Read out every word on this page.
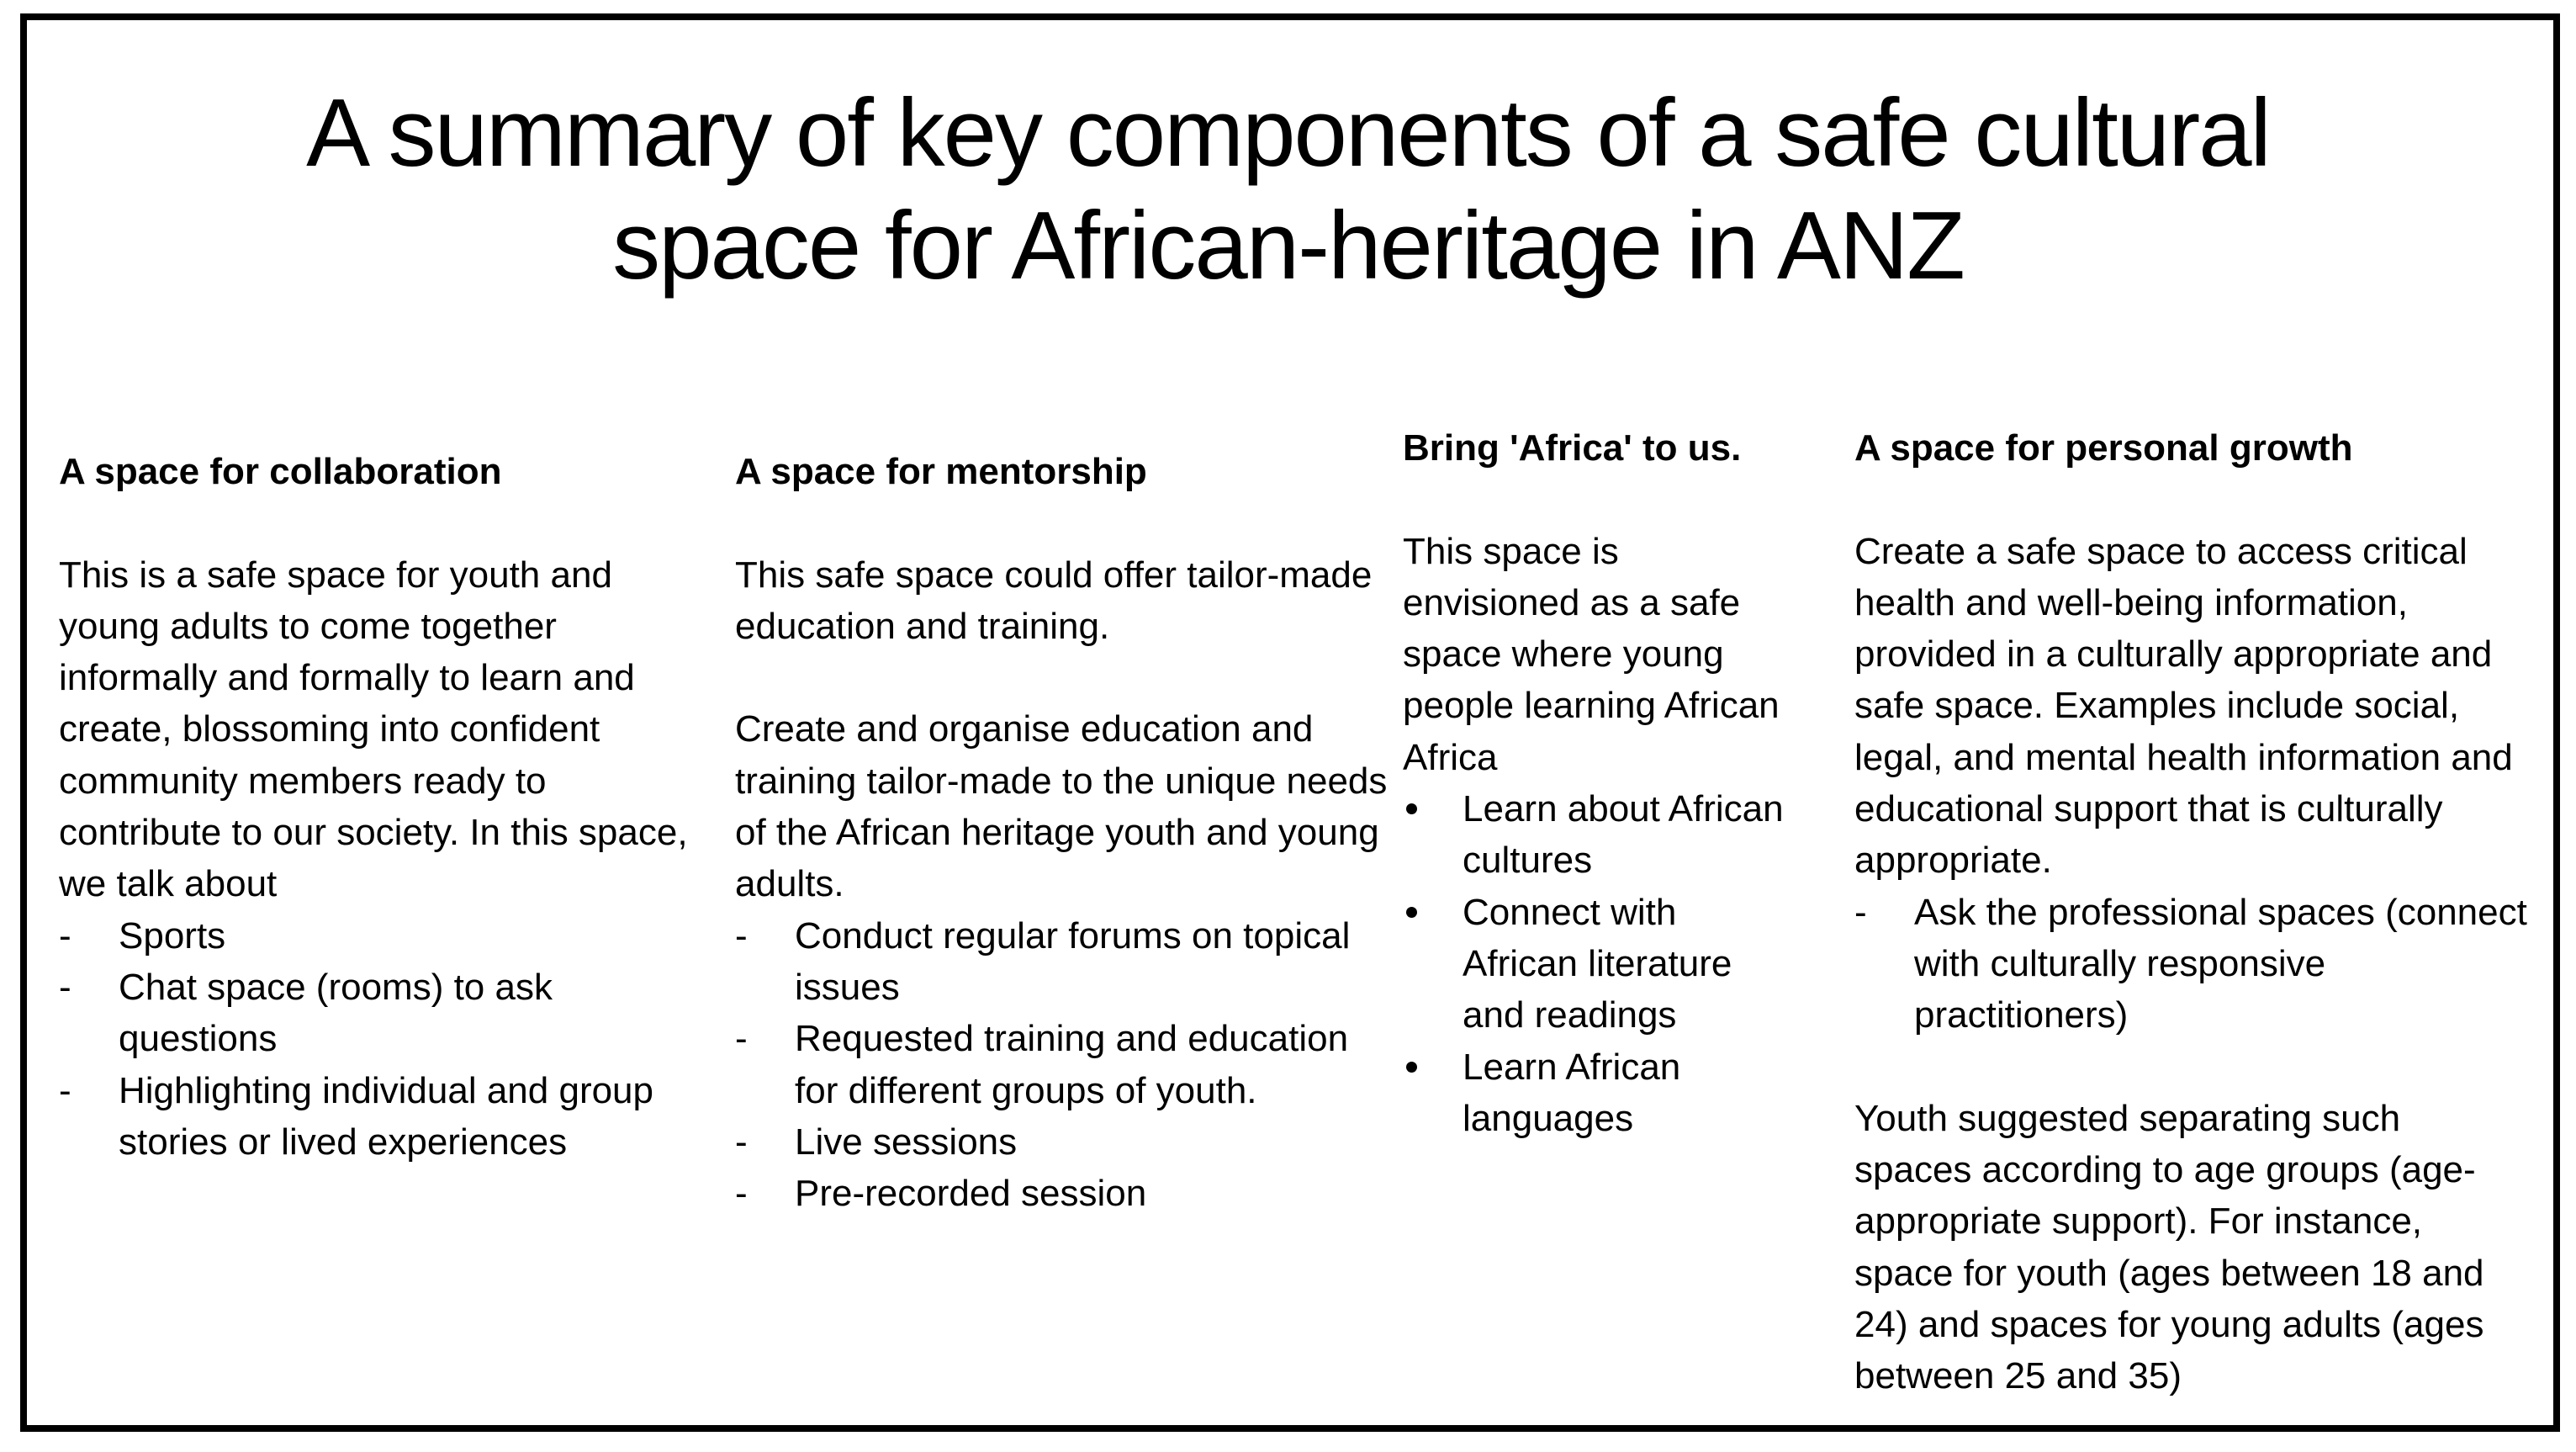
A summary of key components of a safe cultural
space for African-heritage in ANZ
A space for collaboration

This is a safe space for youth and young adults to come together informally and formally to learn and create, blossoming into confident community members ready to contribute to our society. In this space, we talk about

- Sports
- Chat space (rooms) to ask questions
- Highlighting individual and group stories or lived experiences
A space for mentorship

This safe space could offer tailor-made education and training.

Create and organise education and training tailor-made to the unique needs of the African heritage youth and young adults.

- Conduct regular forums on topical issues
- Requested training and education for different groups of youth.
- Live sessions
- Pre-recorded session
Bring 'Africa' to us.

This space is envisioned as a safe space where young people learning African Africa

Learn about African cultures
Connect with African literature and readings
Learn African languages
A space for personal growth

Create a safe space to access critical health and well-being information, provided in a culturally appropriate and safe space. Examples include social, legal, and mental health information and educational support that is culturally appropriate.

- Ask the professional spaces (connect with culturally responsive practitioners)

Youth suggested separating such spaces according to age groups (age-appropriate support). For instance, space for youth (ages between 18 and 24) and spaces for young adults (ages between 25 and 35)
